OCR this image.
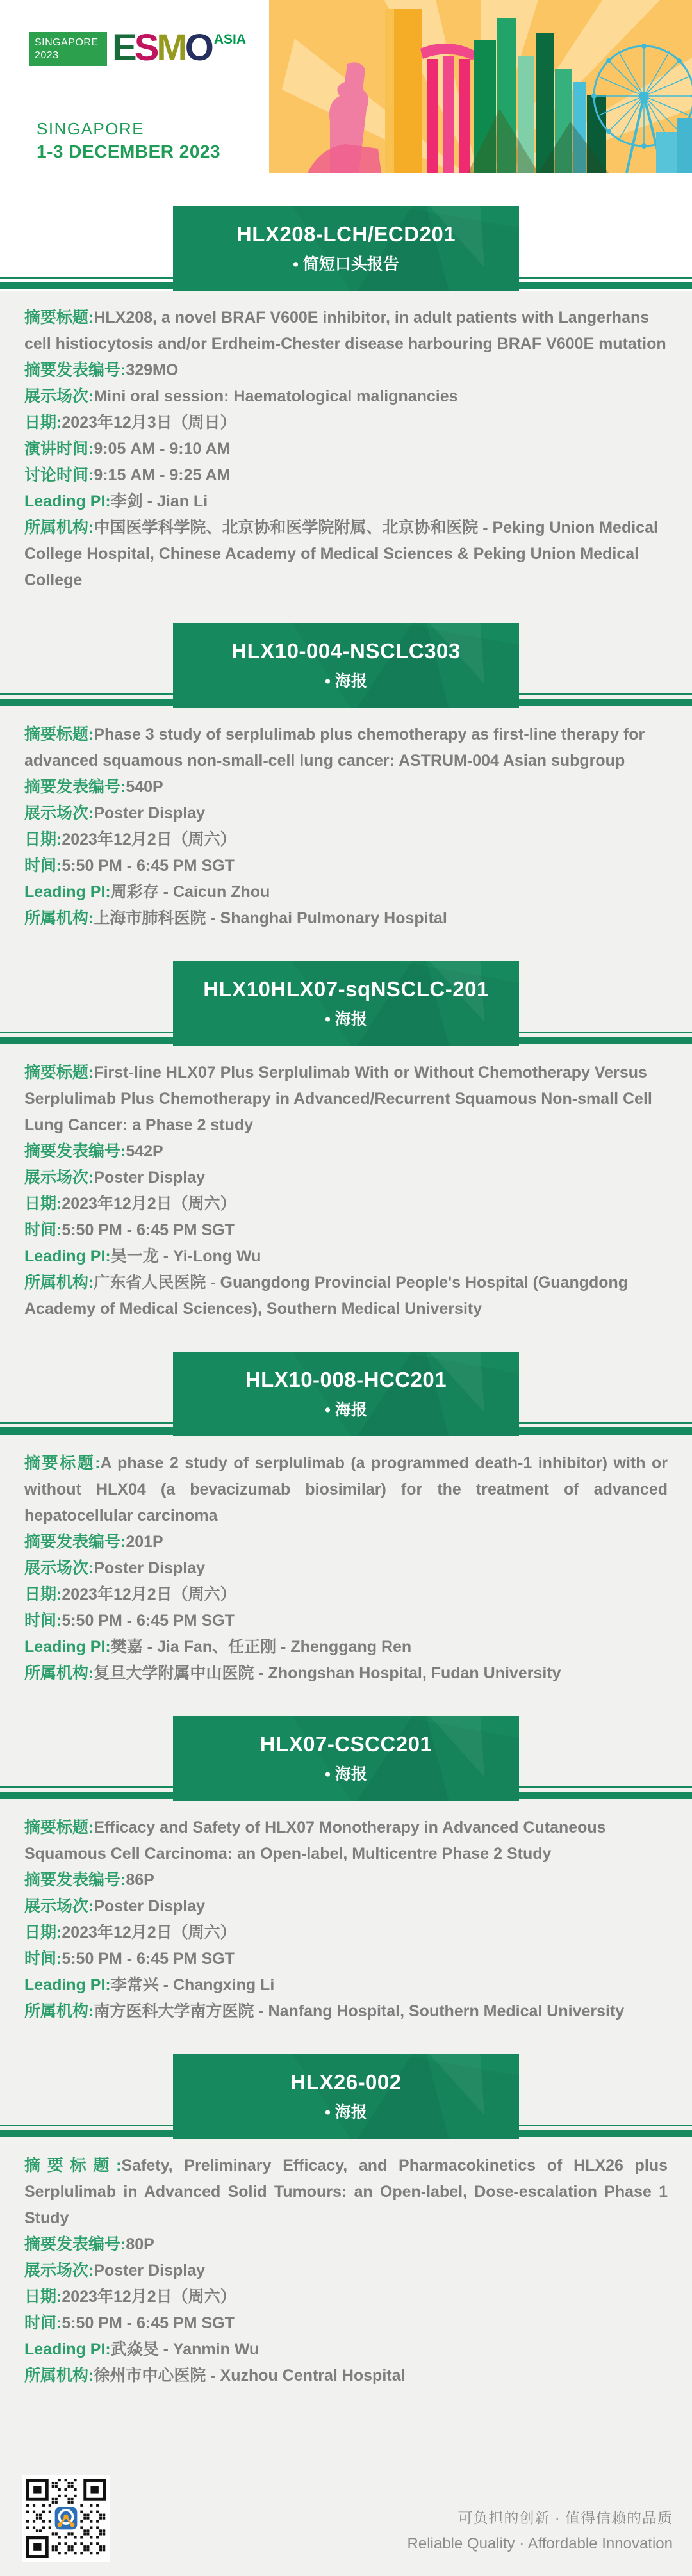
SINGAPORE
2023	ESMO ASIA
SINGAPORE
1-3 DECEMBER 2023
HLX208-LCH/ECD201
• 简短口头报告

摘要标题:HLX208, a novel BRAF V600E inhibitor, in adult patients with Langerhans cell histiocytosis and/or Erdheim-Chester disease harbouring BRAF V600E mutation

摘要发表编号:329MO

展示场次:Mini oral session: Haematological malignancies

日期:2023年12月3日（周日）

演讲时间:9:05 AM - 9:10 AM

讨论时间:9:15 AM - 9:25 AM

Leading PI:李剑 - Jian Li

所属机构:中国医学科学院、北京协和医学院附属、北京协和医院 - Peking Union Medical College Hospital, Chinese Academy of Medical Sciences & Peking Union Medical College

HLX10-004-NSCLC303
• 海报

摘要标题:Phase 3 study of serplulimab plus chemotherapy as first-line therapy for advanced squamous non-small-cell lung cancer: ASTRUM-004 Asian subgroup

摘要发表编号:540P

展示场次:Poster Display

日期:2023年12月2日（周六）

时间:5:50 PM - 6:45 PM SGT

Leading PI:周彩存 - Caicun Zhou

所属机构:上海市肺科医院 - Shanghai Pulmonary Hospital

HLX10HLX07-sqNSCLC-201
• 海报

摘要标题:First-line HLX07 Plus Serplulimab With or Without Chemotherapy Versus Serplulimab Plus Chemotherapy in Advanced/Recurrent Squamous Non-small Cell Lung Cancer: a Phase 2 study

摘要发表编号:542P

展示场次:Poster Display

日期:2023年12月2日（周六）

时间:5:50 PM - 6:45 PM SGT

Leading PI:吴一龙 - Yi-Long Wu

所属机构:广东省人民医院 - Guangdong Provincial People's Hospital (Guangdong Academy of Medical Sciences), Southern Medical University

HLX10-008-HCC201
• 海报

摘要标题:A phase 2 study of serplulimab (a programmed death-1 inhibitor) with or without HLX04 (a bevacizumab biosimilar) for the treatment of advanced hepatocellular carcinoma

摘要发表编号:201P

展示场次:Poster Display

日期:2023年12月2日（周六）

时间:5:50 PM - 6:45 PM SGT

Leading PI:樊嘉 - Jia Fan、任正刚 - Zhenggang Ren

所属机构:复旦大学附属中山医院 - Zhongshan Hospital, Fudan University

HLX07-CSCC201
• 海报

摘要标题:Efficacy and Safety of HLX07 Monotherapy in Advanced Cutaneous Squamous Cell Carcinoma: an Open-label, Multicentre Phase 2 Study

摘要发表编号:86P

展示场次:Poster Display

日期:2023年12月2日（周六）

时间:5:50 PM - 6:45 PM SGT

Leading PI:李常兴 - Changxing Li

所属机构:南方医科大学南方医院 - Nanfang Hospital, Southern Medical University

HLX26-002
• 海报

摘要标题:Safety, Preliminary Efficacy, and Pharmacokinetics of HLX26 plus Serplulimab in Advanced Solid Tumours: an Open-label, Dose-escalation Phase 1 Study

摘要发表编号:80P

展示场次:Poster Display

日期:2023年12月2日（周六）

时间:5:50 PM - 6:45 PM SGT

Leading PI:武焱旻 - Yanmin Wu

所属机构:徐州市中心医院 - Xuzhou Central Hospital

可负担的创新 · 值得信赖的品质
Reliable Quality · Affordable Innovation
